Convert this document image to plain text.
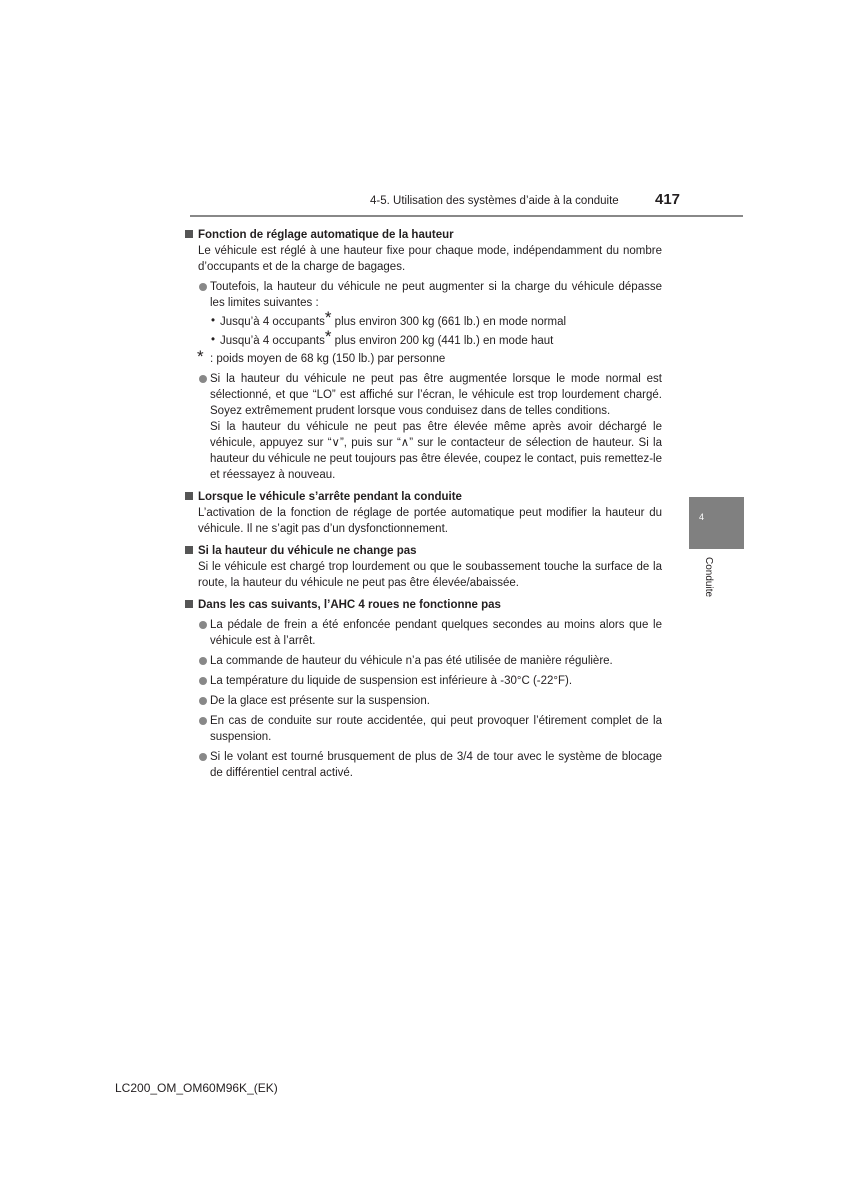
4-5. Utilisation des systèmes d’aide à la conduite 417
Fonction de réglage automatique de la hauteur
Le véhicule est réglé à une hauteur fixe pour chaque mode, indépendamment du nombre d’occupants et de la charge de bagages.
Toutefois, la hauteur du véhicule ne peut augmenter si la charge du véhicule dépasse les limites suivantes :
• Jusqu’à 4 occupants* plus environ 300 kg (661 lb.) en mode normal
• Jusqu’à 4 occupants* plus environ 200 kg (441 lb.) en mode haut
* : poids moyen de 68 kg (150 lb.) par personne
Si la hauteur du véhicule ne peut pas être augmentée lorsque le mode normal est sélectionné, et que “LO” est affiché sur l’écran, le véhicule est trop lourdement chargé. Soyez extrêmement prudent lorsque vous conduisez dans de telles conditions.
Si la hauteur du véhicule ne peut pas être élevée même après avoir déchargé le véhicule, appuyez sur “∨”, puis sur “∧” sur le contacteur de sélection de hauteur. Si la hauteur du véhicule ne peut toujours pas être élevée, coupez le contact, puis remettez-le et réessayez à nouveau.
Lorsque le véhicule s’arrête pendant la conduite
L’activation de la fonction de réglage de portée automatique peut modifier la hauteur du véhicule. Il ne s’agit pas d’un dysfonctionnement.
Si la hauteur du véhicule ne change pas
Si le véhicule est chargé trop lourdement ou que le soubassement touche la surface de la route, la hauteur du véhicule ne peut pas être élevée/abaissée.
Dans les cas suivants, l’AHC 4 roues ne fonctionne pas
La pédale de frein a été enfoncée pendant quelques secondes au moins alors que le véhicule est à l’arrêt.
La commande de hauteur du véhicule n’a pas été utilisée de manière régulière.
La température du liquide de suspension est inférieure à -30°C (-22°F).
De la glace est présente sur la suspension.
En cas de conduite sur route accidentée, qui peut provoquer l’étirement complet de la suspension.
Si le volant est tourné brusquement de plus de 3/4 de tour avec le système de blocage de différentiel central activé.
4
Conduite
LC200_OM_OM60M96K_(EK)
